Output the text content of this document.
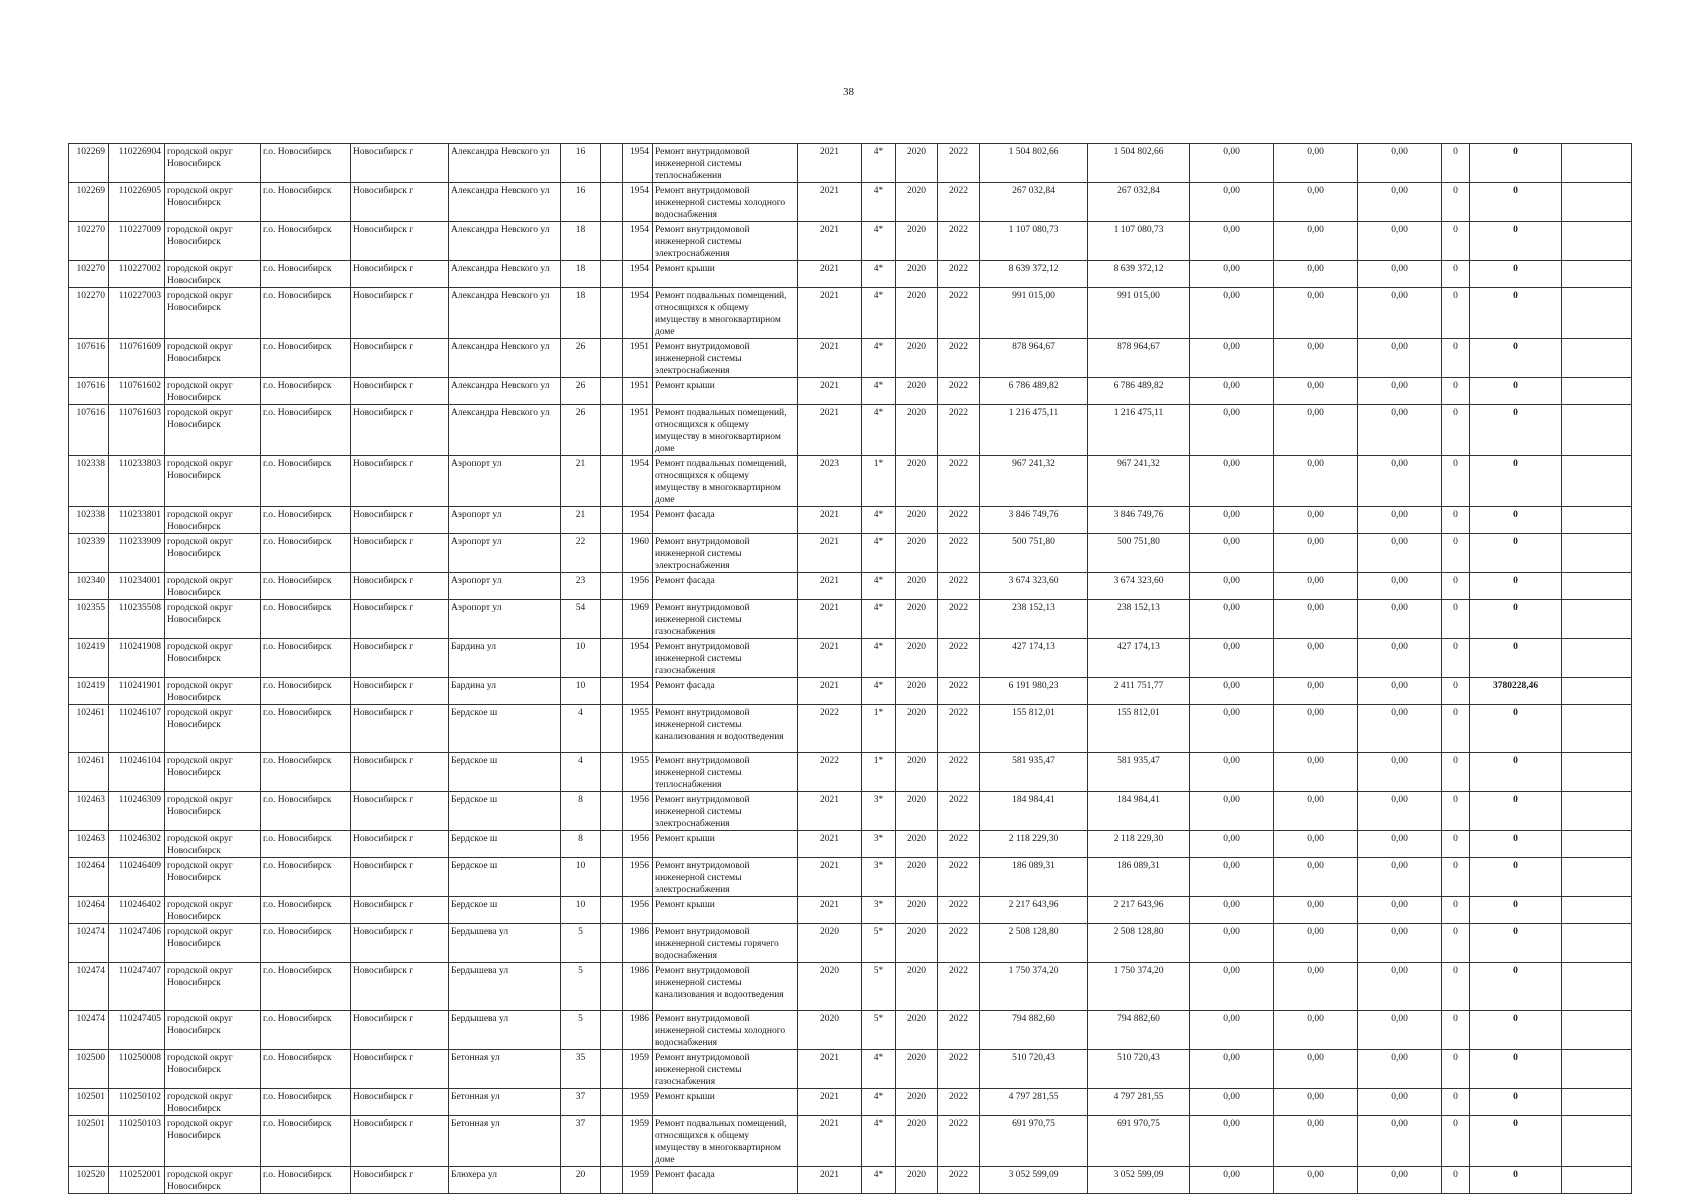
38
102269	110226904	городской округ Новосибирск	г.о. Новосибирск	Новосибирск г	Александра Невского ул	16		1954	Ремонт внутридомовой инженерной системы теплоснабжения	2021	4*	2020	2022	1 504 802,66	1 504 802,66	0,00	0,00	0,00	0	0	
102269	110226905	городской округ Новосибирск	г.о. Новосибирск	Новосибирск г	Александра Невского ул	16		1954	Ремонт внутридомовой инженерной системы холодного водоснабжения	2021	4*	2020	2022	267 032,84	267 032,84	0,00	0,00	0,00	0	0	
102270	110227009	городской округ Новосибирск	г.о. Новосибирск	Новосибирск г	Александра Невского ул	18		1954	Ремонт внутридомовой инженерной системы электроснабжения	2021	4*	2020	2022	1 107 080,73	1 107 080,73	0,00	0,00	0,00	0	0	
102270	110227002	городской округ Новосибирск	г.о. Новосибирск	Новосибирск г	Александра Невского ул	18		1954	Ремонт крыши	2021	4*	2020	2022	8 639 372,12	8 639 372,12	0,00	0,00	0,00	0	0	
102270	110227003	городской округ Новосибирск	г.о. Новосибирск	Новосибирск г	Александра Невского ул	18		1954	Ремонт подвальных помещений, относящихся к общему имуществу в многоквартирном доме	2021	4*	2020	2022	991 015,00	991 015,00	0,00	0,00	0,00	0	0	
107616	110761609	городской округ Новосибирск	г.о. Новосибирск	Новосибирск г	Александра Невского ул	26		1951	Ремонт внутридомовой инженерной системы электроснабжения	2021	4*	2020	2022	878 964,67	878 964,67	0,00	0,00	0,00	0	0	
107616	110761602	городской округ Новосибирск	г.о. Новосибирск	Новосибирск г	Александра Невского ул	26		1951	Ремонт крыши	2021	4*	2020	2022	6 786 489,82	6 786 489,82	0,00	0,00	0,00	0	0	
107616	110761603	городской округ Новосибирск	г.о. Новосибирск	Новосибирск г	Александра Невского ул	26		1951	Ремонт подвальных помещений, относящихся к общему имуществу в многоквартирном доме	2021	4*	2020	2022	1 216 475,11	1 216 475,11	0,00	0,00	0,00	0	0	
102338	110233803	городской округ Новосибирск	г.о. Новосибирск	Новосибирск г	Аэропорт ул	21		1954	Ремонт подвальных помещений, относящихся к общему имуществу в многоквартирном доме	2023	1*	2020	2022	967 241,32	967 241,32	0,00	0,00	0,00	0	0	
102338	110233801	городской округ Новосибирск	г.о. Новосибирск	Новосибирск г	Аэропорт ул	21		1954	Ремонт фасада	2021	4*	2020	2022	3 846 749,76	3 846 749,76	0,00	0,00	0,00	0	0	
102339	110233909	городской округ Новосибирск	г.о. Новосибирск	Новосибирск г	Аэропорт ул	22		1960	Ремонт внутридомовой инженерной системы электроснабжения	2021	4*	2020	2022	500 751,80	500 751,80	0,00	0,00	0,00	0	0	
102340	110234001	городской округ Новосибирск	г.о. Новосибирск	Новосибирск г	Аэропорт ул	23		1956	Ремонт фасада	2021	4*	2020	2022	3 674 323,60	3 674 323,60	0,00	0,00	0,00	0	0	
102355	110235508	городской округ Новосибирск	г.о. Новосибирск	Новосибирск г	Аэропорт ул	54		1969	Ремонт внутридомовой инженерной системы газоснабжения	2021	4*	2020	2022	238 152,13	238 152,13	0,00	0,00	0,00	0	0	
102419	110241908	городской округ Новосибирск	г.о. Новосибирск	Новосибирск г	Бардина ул	10		1954	Ремонт внутридомовой инженерной системы газоснабжения	2021	4*	2020	2022	427 174,13	427 174,13	0,00	0,00	0,00	0	0	
102419	110241901	городской округ Новосибирск	г.о. Новосибирск	Новосибирск г	Бардина ул	10		1954	Ремонт фасада	2021	4*	2020	2022	6 191 980,23	2 411 751,77	0,00	0,00	0,00	0	3780228,46	
102461	110246107	городской округ Новосибирск	г.о. Новосибирск	Новосибирск г	Бердское ш	4		1955	Ремонт внутридомовой инженерной системы канализования и водоотведения	2022	1*	2020	2022	155 812,01	155 812,01	0,00	0,00	0,00	0	0	
102461	110246104	городской округ Новосибирск	г.о. Новосибирск	Новосибирск г	Бердское ш	4		1955	Ремонт внутридомовой инженерной системы теплоснабжения	2022	1*	2020	2022	581 935,47	581 935,47	0,00	0,00	0,00	0	0	
102463	110246309	городской округ Новосибирск	г.о. Новосибирск	Новосибирск г	Бердское ш	8		1956	Ремонт внутридомовой инженерной системы электроснабжения	2021	3*	2020	2022	184 984,41	184 984,41	0,00	0,00	0,00	0	0	
102463	110246302	городской округ Новосибирск	г.о. Новосибирск	Новосибирск г	Бердское ш	8		1956	Ремонт крыши	2021	3*	2020	2022	2 118 229,30	2 118 229,30	0,00	0,00	0,00	0	0	
102464	110246409	городской округ Новосибирск	г.о. Новосибирск	Новосибирск г	Бердское ш	10		1956	Ремонт внутридомовой инженерной системы электроснабжения	2021	3*	2020	2022	186 089,31	186 089,31	0,00	0,00	0,00	0	0	
102464	110246402	городской округ Новосибирск	г.о. Новосибирск	Новосибирск г	Бердское ш	10		1956	Ремонт крыши	2021	3*	2020	2022	2 217 643,96	2 217 643,96	0,00	0,00	0,00	0	0	
102474	110247406	городской округ Новосибирск	г.о. Новосибирск	Новосибирск г	Бердышева ул	5		1986	Ремонт внутридомовой инженерной системы горячего водоснабжения	2020	5*	2020	2022	2 508 128,80	2 508 128,80	0,00	0,00	0,00	0	0	
102474	110247407	городской округ Новосибирск	г.о. Новосибирск	Новосибирск г	Бердышева ул	5		1986	Ремонт внутридомовой инженерной системы канализования и водоотведения	2020	5*	2020	2022	1 750 374,20	1 750 374,20	0,00	0,00	0,00	0	0	
102474	110247405	городской округ Новосибирск	г.о. Новосибирск	Новосибирск г	Бердышева ул	5		1986	Ремонт внутридомовой инженерной системы холодного водоснабжения	2020	5*	2020	2022	794 882,60	794 882,60	0,00	0,00	0,00	0	0	
102500	110250008	городской округ Новосибирск	г.о. Новосибирск	Новосибирск г	Бетонная ул	35		1959	Ремонт внутридомовой инженерной системы газоснабжения	2021	4*	2020	2022	510 720,43	510 720,43	0,00	0,00	0,00	0	0	
102501	110250102	городской округ Новосибирск	г.о. Новосибирск	Новосибирск г	Бетонная ул	37		1959	Ремонт крыши	2021	4*	2020	2022	4 797 281,55	4 797 281,55	0,00	0,00	0,00	0	0	
102501	110250103	городской округ Новосибирск	г.о. Новосибирск	Новосибирск г	Бетонная ул	37		1959	Ремонт подвальных помещений, относящихся к общему имуществу в многоквартирном доме	2021	4*	2020	2022	691 970,75	691 970,75	0,00	0,00	0,00	0	0	
102520	110252001	городской округ Новосибирск	г.о. Новосибирск	Новосибирск г	Блюхера ул	20		1959	Ремонт фасада	2021	4*	2020	2022	3 052 599,09	3 052 599,09	0,00	0,00	0,00	0	0	
